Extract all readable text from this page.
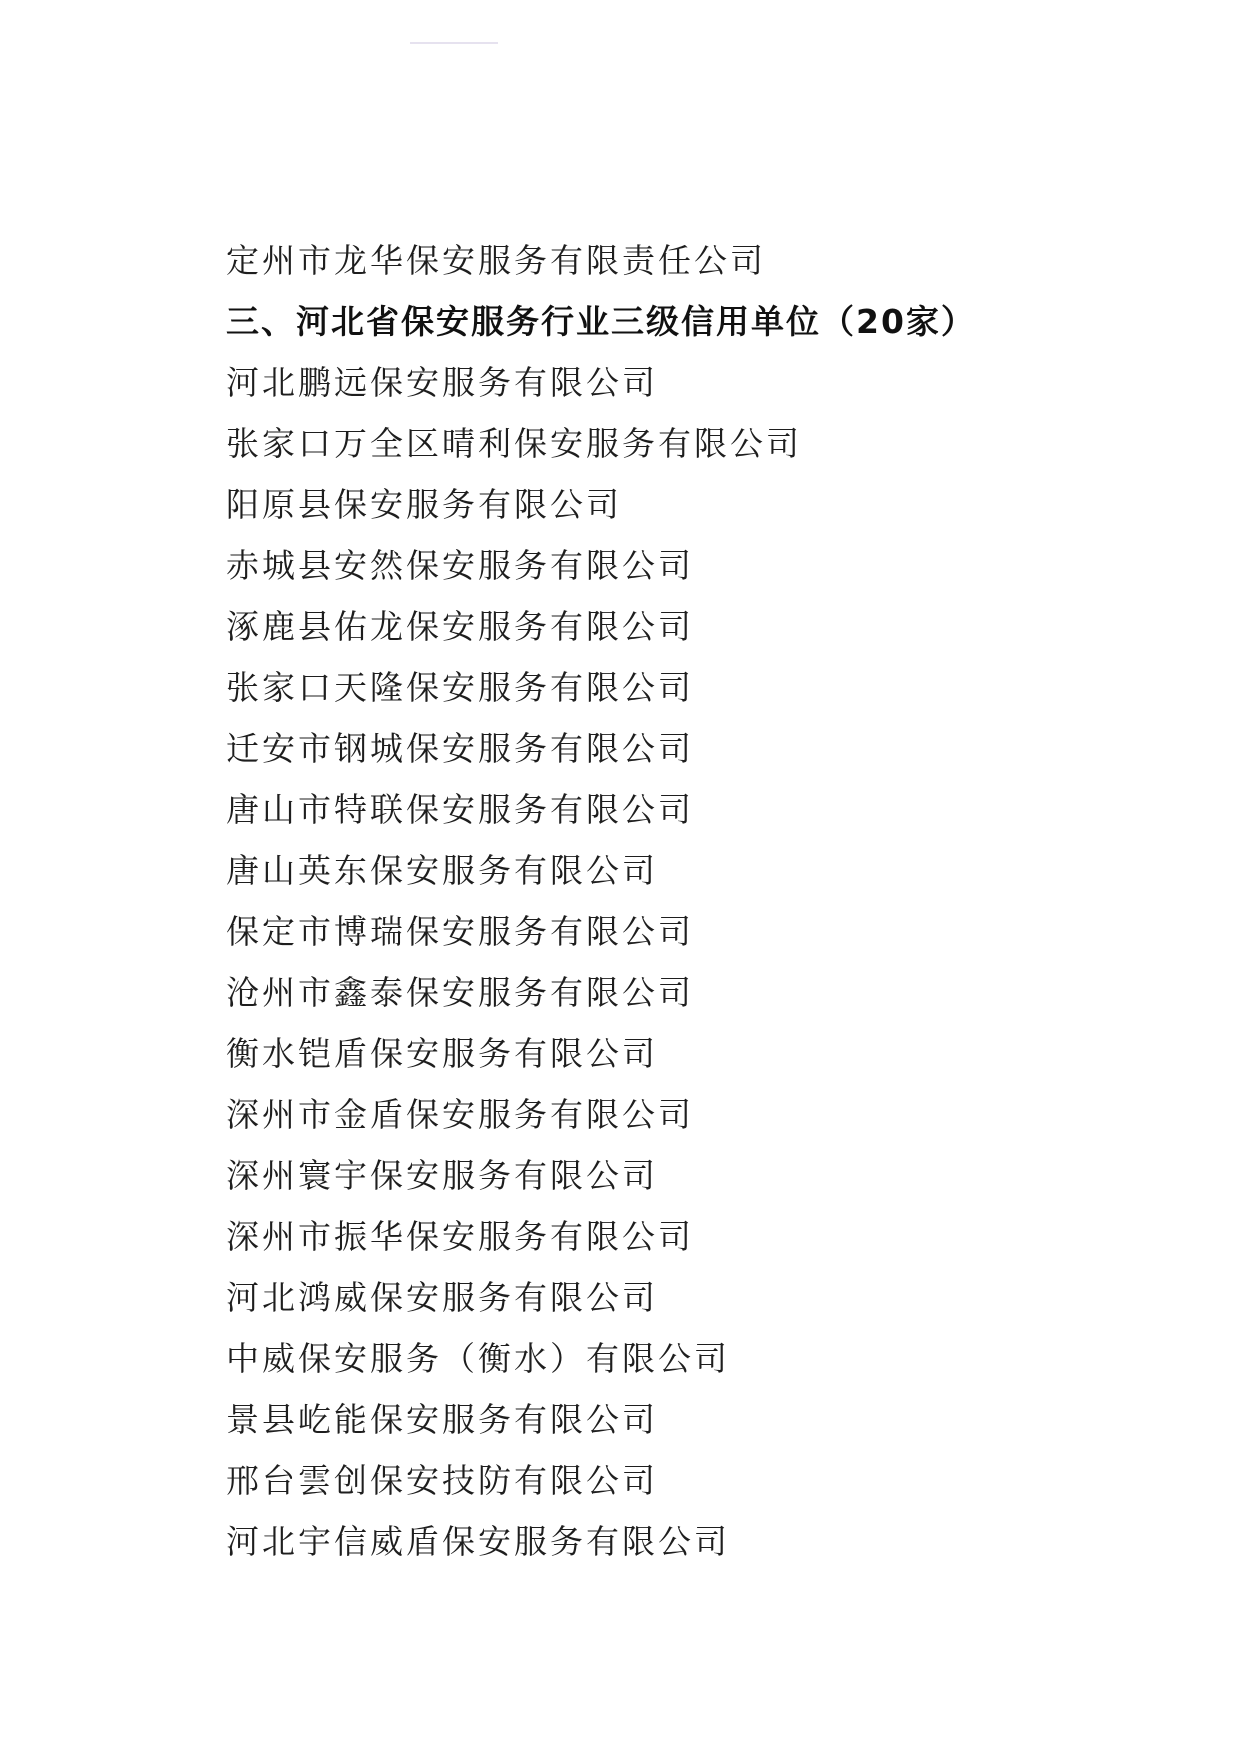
定州市龙华保安服务有限责任公司
三、河北省保安服务行业三级信用单位（20家）
河北鹏远保安服务有限公司
张家口万全区晴利保安服务有限公司
阳原县保安服务有限公司
赤城县安然保安服务有限公司
涿鹿县佑龙保安服务有限公司
张家口天隆保安服务有限公司
迁安市钢城保安服务有限公司
唐山市特联保安服务有限公司
唐山英东保安服务有限公司
保定市博瑞保安服务有限公司
沧州市鑫泰保安服务有限公司
衡水铠盾保安服务有限公司
深州市金盾保安服务有限公司
深州寰宇保安服务有限公司
深州市振华保安服务有限公司
河北鸿威保安服务有限公司
中威保安服务（衡水）有限公司
景县屹能保安服务有限公司
邢台雲创保安技防有限公司
河北宇信威盾保安服务有限公司
